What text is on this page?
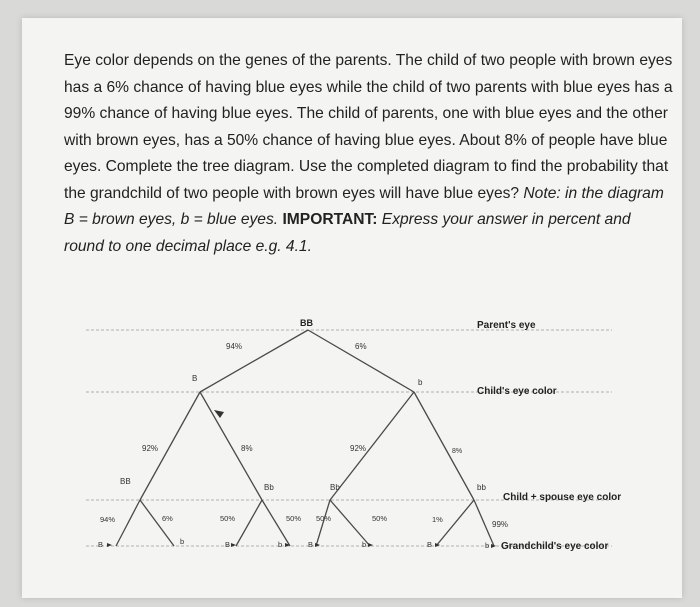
Eye color depends on the genes of the parents. The child of two people with brown eyes has a 6% chance of having blue eyes while the child of two parents with blue eyes has a 99% chance of having blue eyes. The child of parents, one with blue eyes and the other with brown eyes, has a 50% chance of having blue eyes. About 8% of people have blue eyes. Complete the tree diagram. Use the completed diagram to find the probability that the grandchild of two people with brown eyes will have blue eyes? Note: in the diagram B = brown eyes, b = blue eyes. IMPORTANT: Express your answer in percent and round to one decimal place e.g. 4.1.
Parent's eye
Child's eye color
Child + spouse eye color
Grandchild's eye color
BB
B	b
BB
Bb	Bb	bb
94%	6%
92%	8%	92%	8%
94%	6%	50%	50% 50%	50%	1%
99%
B	b	B	b	B	b	B	b
